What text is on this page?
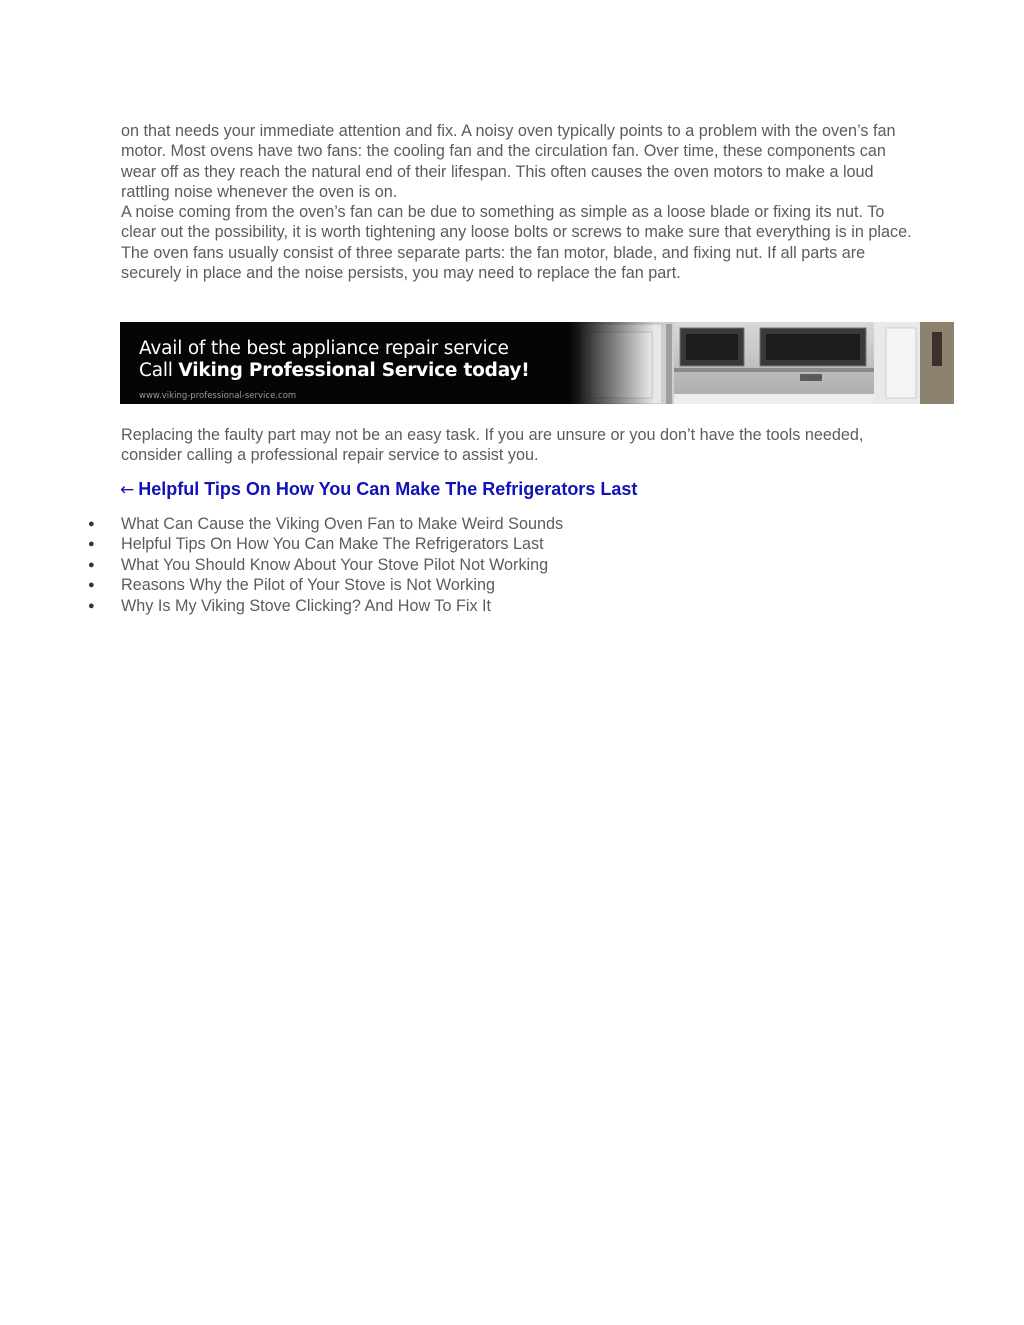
on that needs your immediate attention and fix. A noisy oven typically points to a problem with the oven’s fan motor. Most ovens have two fans: the cooling fan and the circulation fan. Over time, these components can wear off as they reach the natural end of their lifespan. This often causes the oven motors to make a loud rattling noise whenever the oven is on.

A noise coming from the oven’s fan can be due to something as simple as a loose blade or fixing its nut. To clear out the possibility, it is worth tightening any loose bolts or screws to make sure that everything is in place. The oven fans usually consist of three separate parts: the fan motor, blade, and fixing nut. If all parts are securely in place and the noise persists, you may need to replace the fan part.

Avail of the best appliance repair service
Call Viking Professional Service today!
www.viking-professional-service.com

Replacing the faulty part may not be an easy task. If you are unsure or you don’t have the tools needed, consider calling a professional repair service to assist you.

← Helpful Tips On How You Can Make The Refrigerators Last
● What Can Cause the Viking Oven Fan to Make Weird Sounds
● Helpful Tips On How You Can Make The Refrigerators Last
● What You Should Know About Your Stove Pilot Not Working
● Reasons Why the Pilot of Your Stove is Not Working
● Why Is My Viking Stove Clicking? And How To Fix It
